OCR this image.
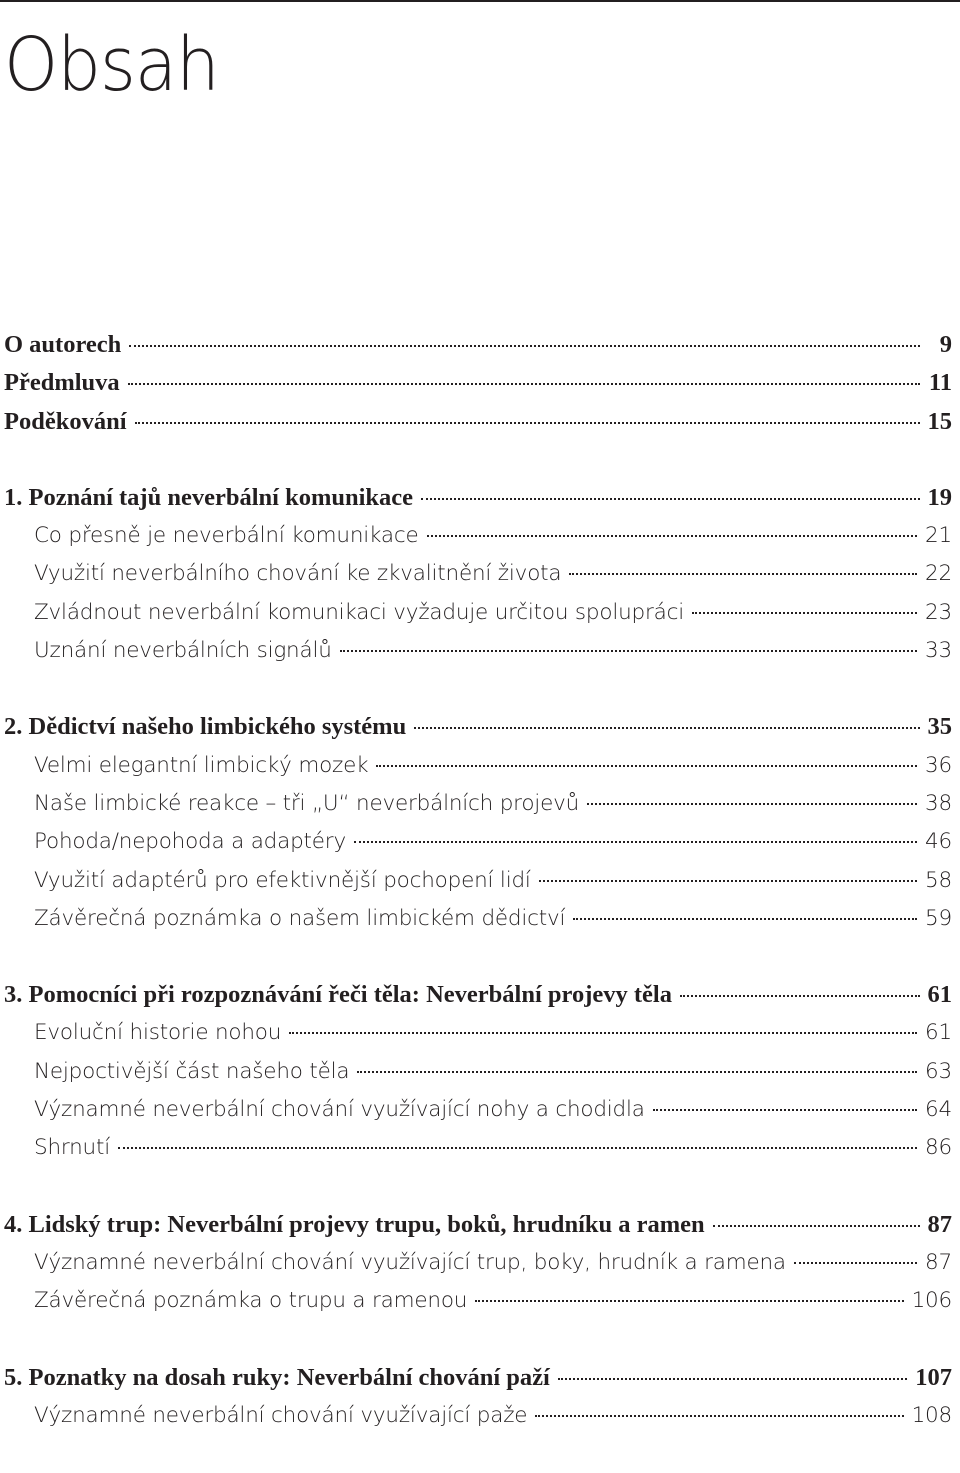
Obsah
O autorech	9
Předmluva	11
Poděkování	15
1. Poznání tajů neverbální komunikace	19
Co přesně je neverbální komunikace	21
Využití neverbálního chování ke zkvalitnění života	22
Zvládnout neverbální komunikaci vyžaduje určitou spolupráci	23
Uznání neverbálních signálů	33
2. Dědictví našeho limbického systému	35
Velmi elegantní limbický mozek	36
Naše limbické reakce – tři „U“ neverbálních projevů	38
Pohoda/nepohoda a adaptéry	46
Využití adaptérů pro efektivnější pochopení lidí	58
Závěrečná poznámka o našem limbickém dědictví	59
3. Pomocníci při rozpoznávání řeči těla: Neverbální projevy těla	61
Evoluční historie nohou	61
Nejpoctivější část našeho těla	63
Významné neverbální chování využívající nohy a chodidla	64
Shrnutí	86
4. Lidský trup: Neverbální projevy trupu, boků, hrudníku a ramen	87
Významné neverbální chování využívající trup, boky, hrudník a ramena	87
Závěrečná poznámka o trupu a ramenou	106
5. Poznatky na dosah ruky: Neverbální chování paží	107
Významné neverbální chování využívající paže	108
